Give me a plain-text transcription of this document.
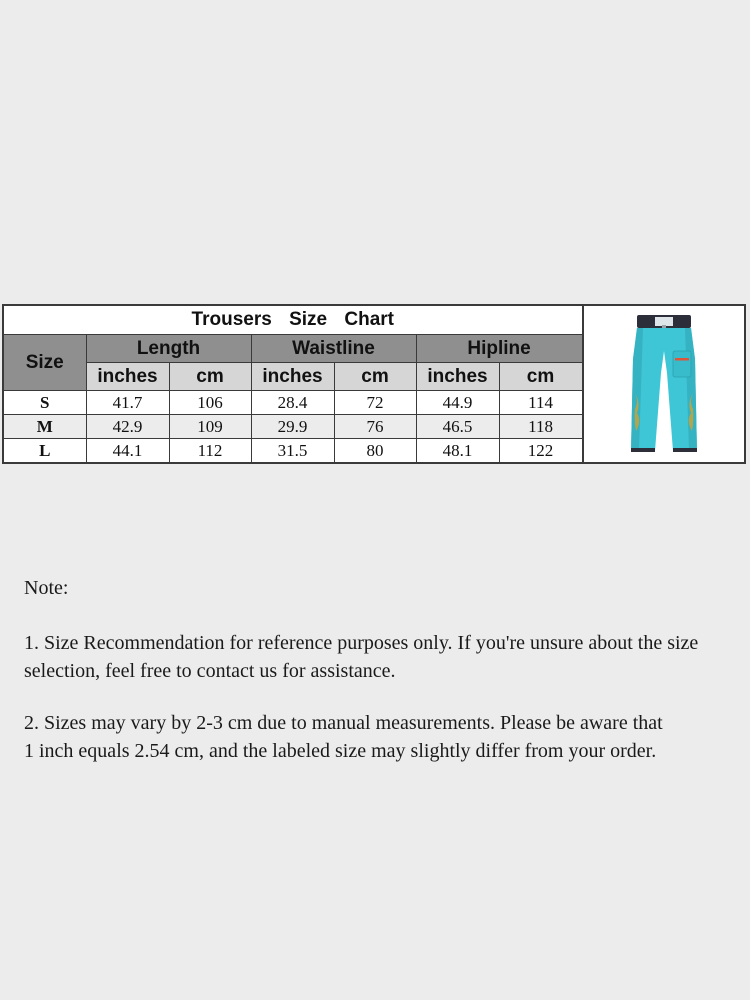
Trousers Size Chart						
Size	Length		Waistline		Hipline	
	inches	cm	inches	cm	inches	cm
S	41.7	106	28.4	72	44.9	114
M	42.9	109	29.9	76	46.5	118
L	44.1	112	31.5	80	48.1	122

Note:

1. Size Recommendation for reference purposes only. If you're unsure about the size

selection, feel free to contact us for assistance.

2. Sizes may vary by 2-3 cm due to manual measurements. Please be aware that

1 inch equals 2.54 cm, and the labeled size may slightly differ from your order.
